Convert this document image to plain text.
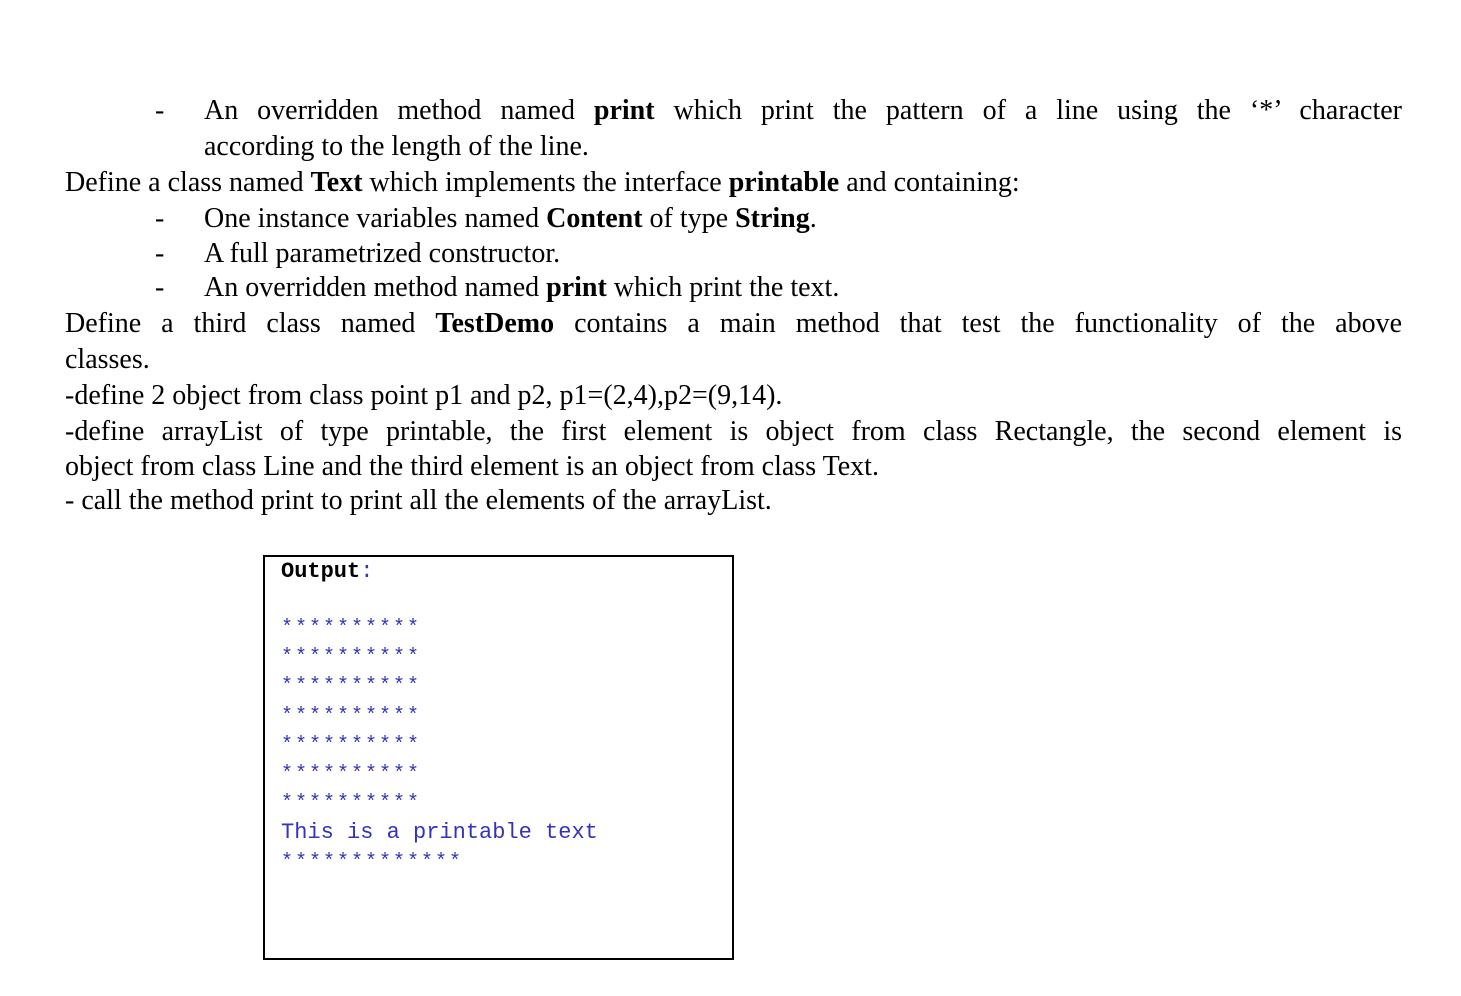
- An overridden method named print which print the pattern of a line using the ‘*’ character
according to the length of the line.
Define a class named Text which implements the interface printable and containing:
- One instance variables named Content of type String.
- A full parametrized constructor.
- An overridden method named print which print the text.
Define a third class named TestDemo contains a main method that test the functionality of the above
classes.
-define 2 object from class point p1 and p2, p1=(2,4),p2=(9,14).
-define arrayList of type printable, the first element is object from class Rectangle, the second element is
object from class Line and the third element is an object from class Text.
- call the method print to print all the elements of the arrayList.
Output:
**********
**********
**********
**********
**********
**********
**********
This is a printable text
*************
